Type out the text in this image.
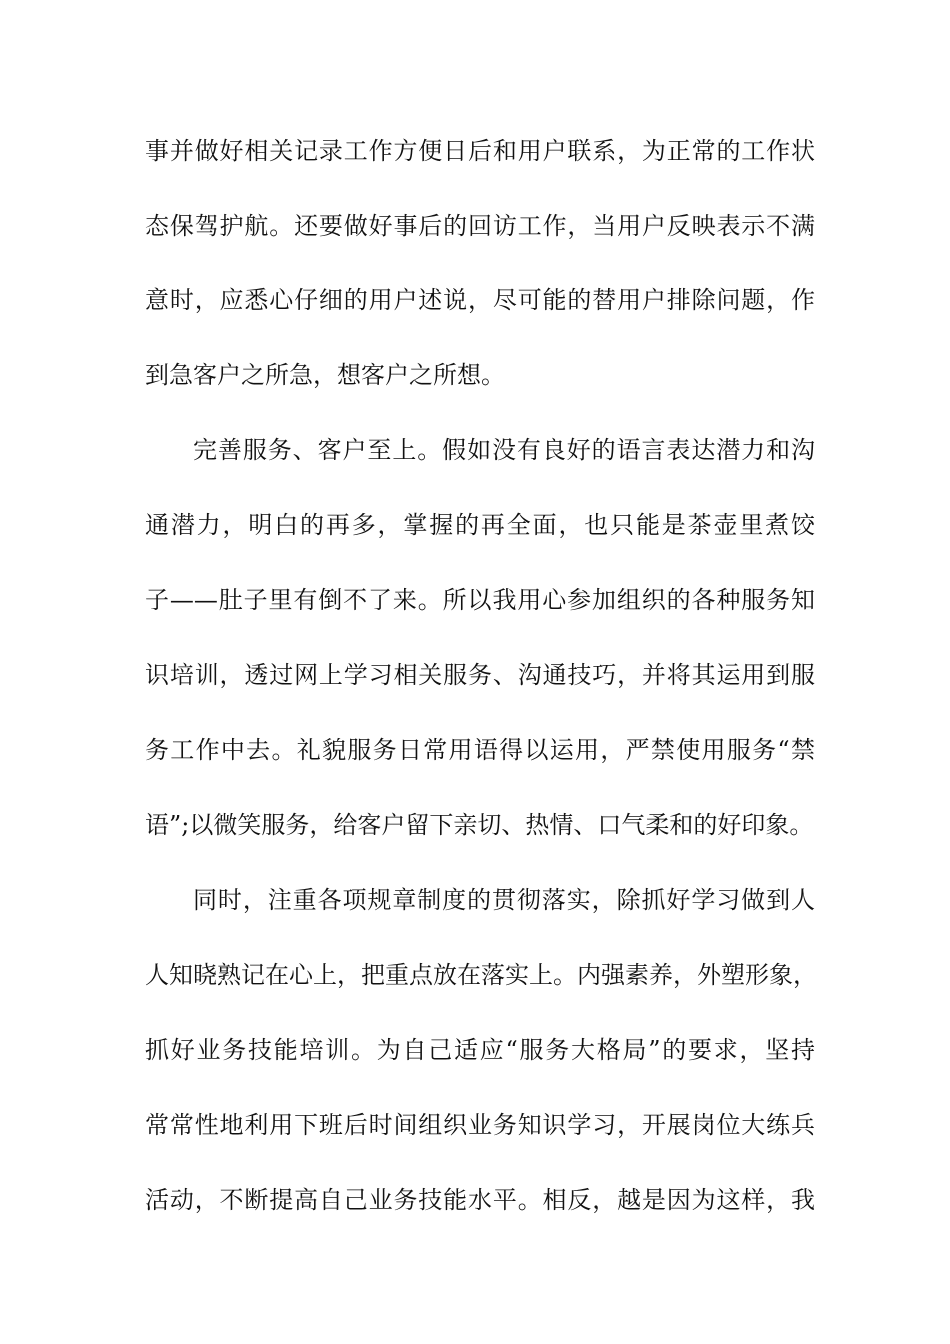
事并做好相关记录工作方便日后和用户联系，为正常的工作状
态保驾护航。还要做好事后的回访工作，当用户反映表示不满
意时，应悉心仔细的用户述说，尽可能的替用户排除问题，作
到急客户之所急，想客户之所想。
完善服务、客户至上。假如没有良好的语言表达潜力和沟
通潜力，明白的再多，掌握的再全面，也只能是茶壶里煮饺
子——肚子里有倒不了来。所以我用心参加组织的各种服务知
识培训，透过网上学习相关服务、沟通技巧，并将其运用到服
务工作中去。礼貌服务日常用语得以运用，严禁使用服务“禁
语”;以微笑服务，给客户留下亲切、热情、口气柔和的好印象。
同时，注重各项规章制度的贯彻落实，除抓好学习做到人
人知晓熟记在心上，把重点放在落实上。内强素养，外塑形象，
抓好业务技能培训。为自己适应“服务大格局”的要求，坚持
常常性地利用下班后时间组织业务知识学习，开展岗位大练兵
活动，不断提高自己业务技能水平。相反，越是因为这样，我
